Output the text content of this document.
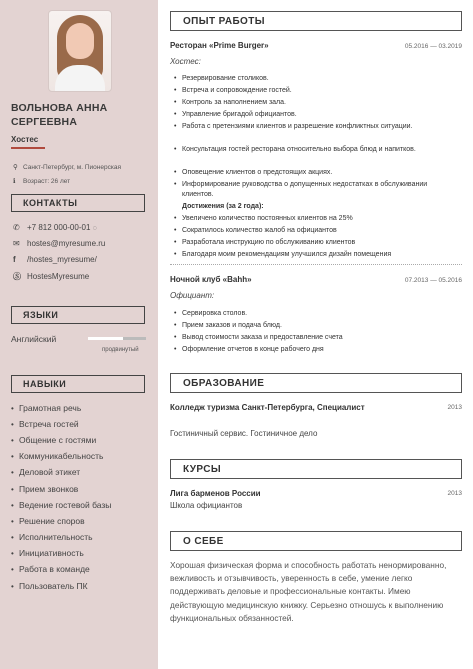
ВОЛЬНОВА АННА СЕРГЕЕВНА
Хостес
⚲ Санкт-Петербург, м. Пионерская
ℹ Возраст: 26 лет
КОНТАКТЫ
✆ +7 812 000-00-01 ◌
✉ hostes@myresume.ru
f /hostes_myresume/
Ⓢ HostesMyresume
ЯЗЫКИ
Английский
продвинутый
НАВЫКИ
• Грамотная речь
• Встреча гостей
• Общение с гостями
• Коммуникабельность
• Деловой этикет
• Прием звонков
• Ведение гостевой базы
• Решение споров
• Исполнительность
• Инициативность
• Работа в команде
• Пользователь ПК
ОПЫТ РАБОТЫ
Ресторан «Prime Burger»	05.2016 — 03.2019
Хостес:
• Резервирование столиков.
• Встреча и сопровождение гостей.
• Контроль за наполнением зала.
• Управление бригадой официантов.
• Работа с претензиями клиентов и разрешение конфликтных ситуации.
• Консультация гостей ресторана относительно выбора блюд и напитков.
• Оповещение клиентов о предстоящих акциях.
• Информирование руководства о допущенных недостатках в обслуживании клиентов.
Достижения (за 2 года):
• Увеличено количество постоянных клиентов на 25%
• Сократилось количество жалоб на официантов
• Разработала инструкцию по обслуживанию клиентов
• Благодаря моим рекомендациям улучшился дизайн помещения
Ночной клуб «Bahh»	07.2013 — 05.2016
Официант:
• Сервировка столов.
• Прием заказов и подача блюд.
• Вывод стоимости заказа и предоставление счета
• Оформление отчетов в конце рабочего дня
ОБРАЗОВАНИЕ
Колледж туризма Санкт-Петербурга, Специалист	2013
Гостиничный сервис. Гостиничное дело
КУРСЫ
Лига барменов России	2013
Школа официантов
О СЕБЕ
Хорошая физическая форма и способность работать ненормированно, вежливость и отзывчивость, уверенность в себе, умение легко поддерживать деловые и профессиональные контакты. Имею действующую медицинскую книжку. Серьезно отношусь к выполнению функциональных обязанностей.
